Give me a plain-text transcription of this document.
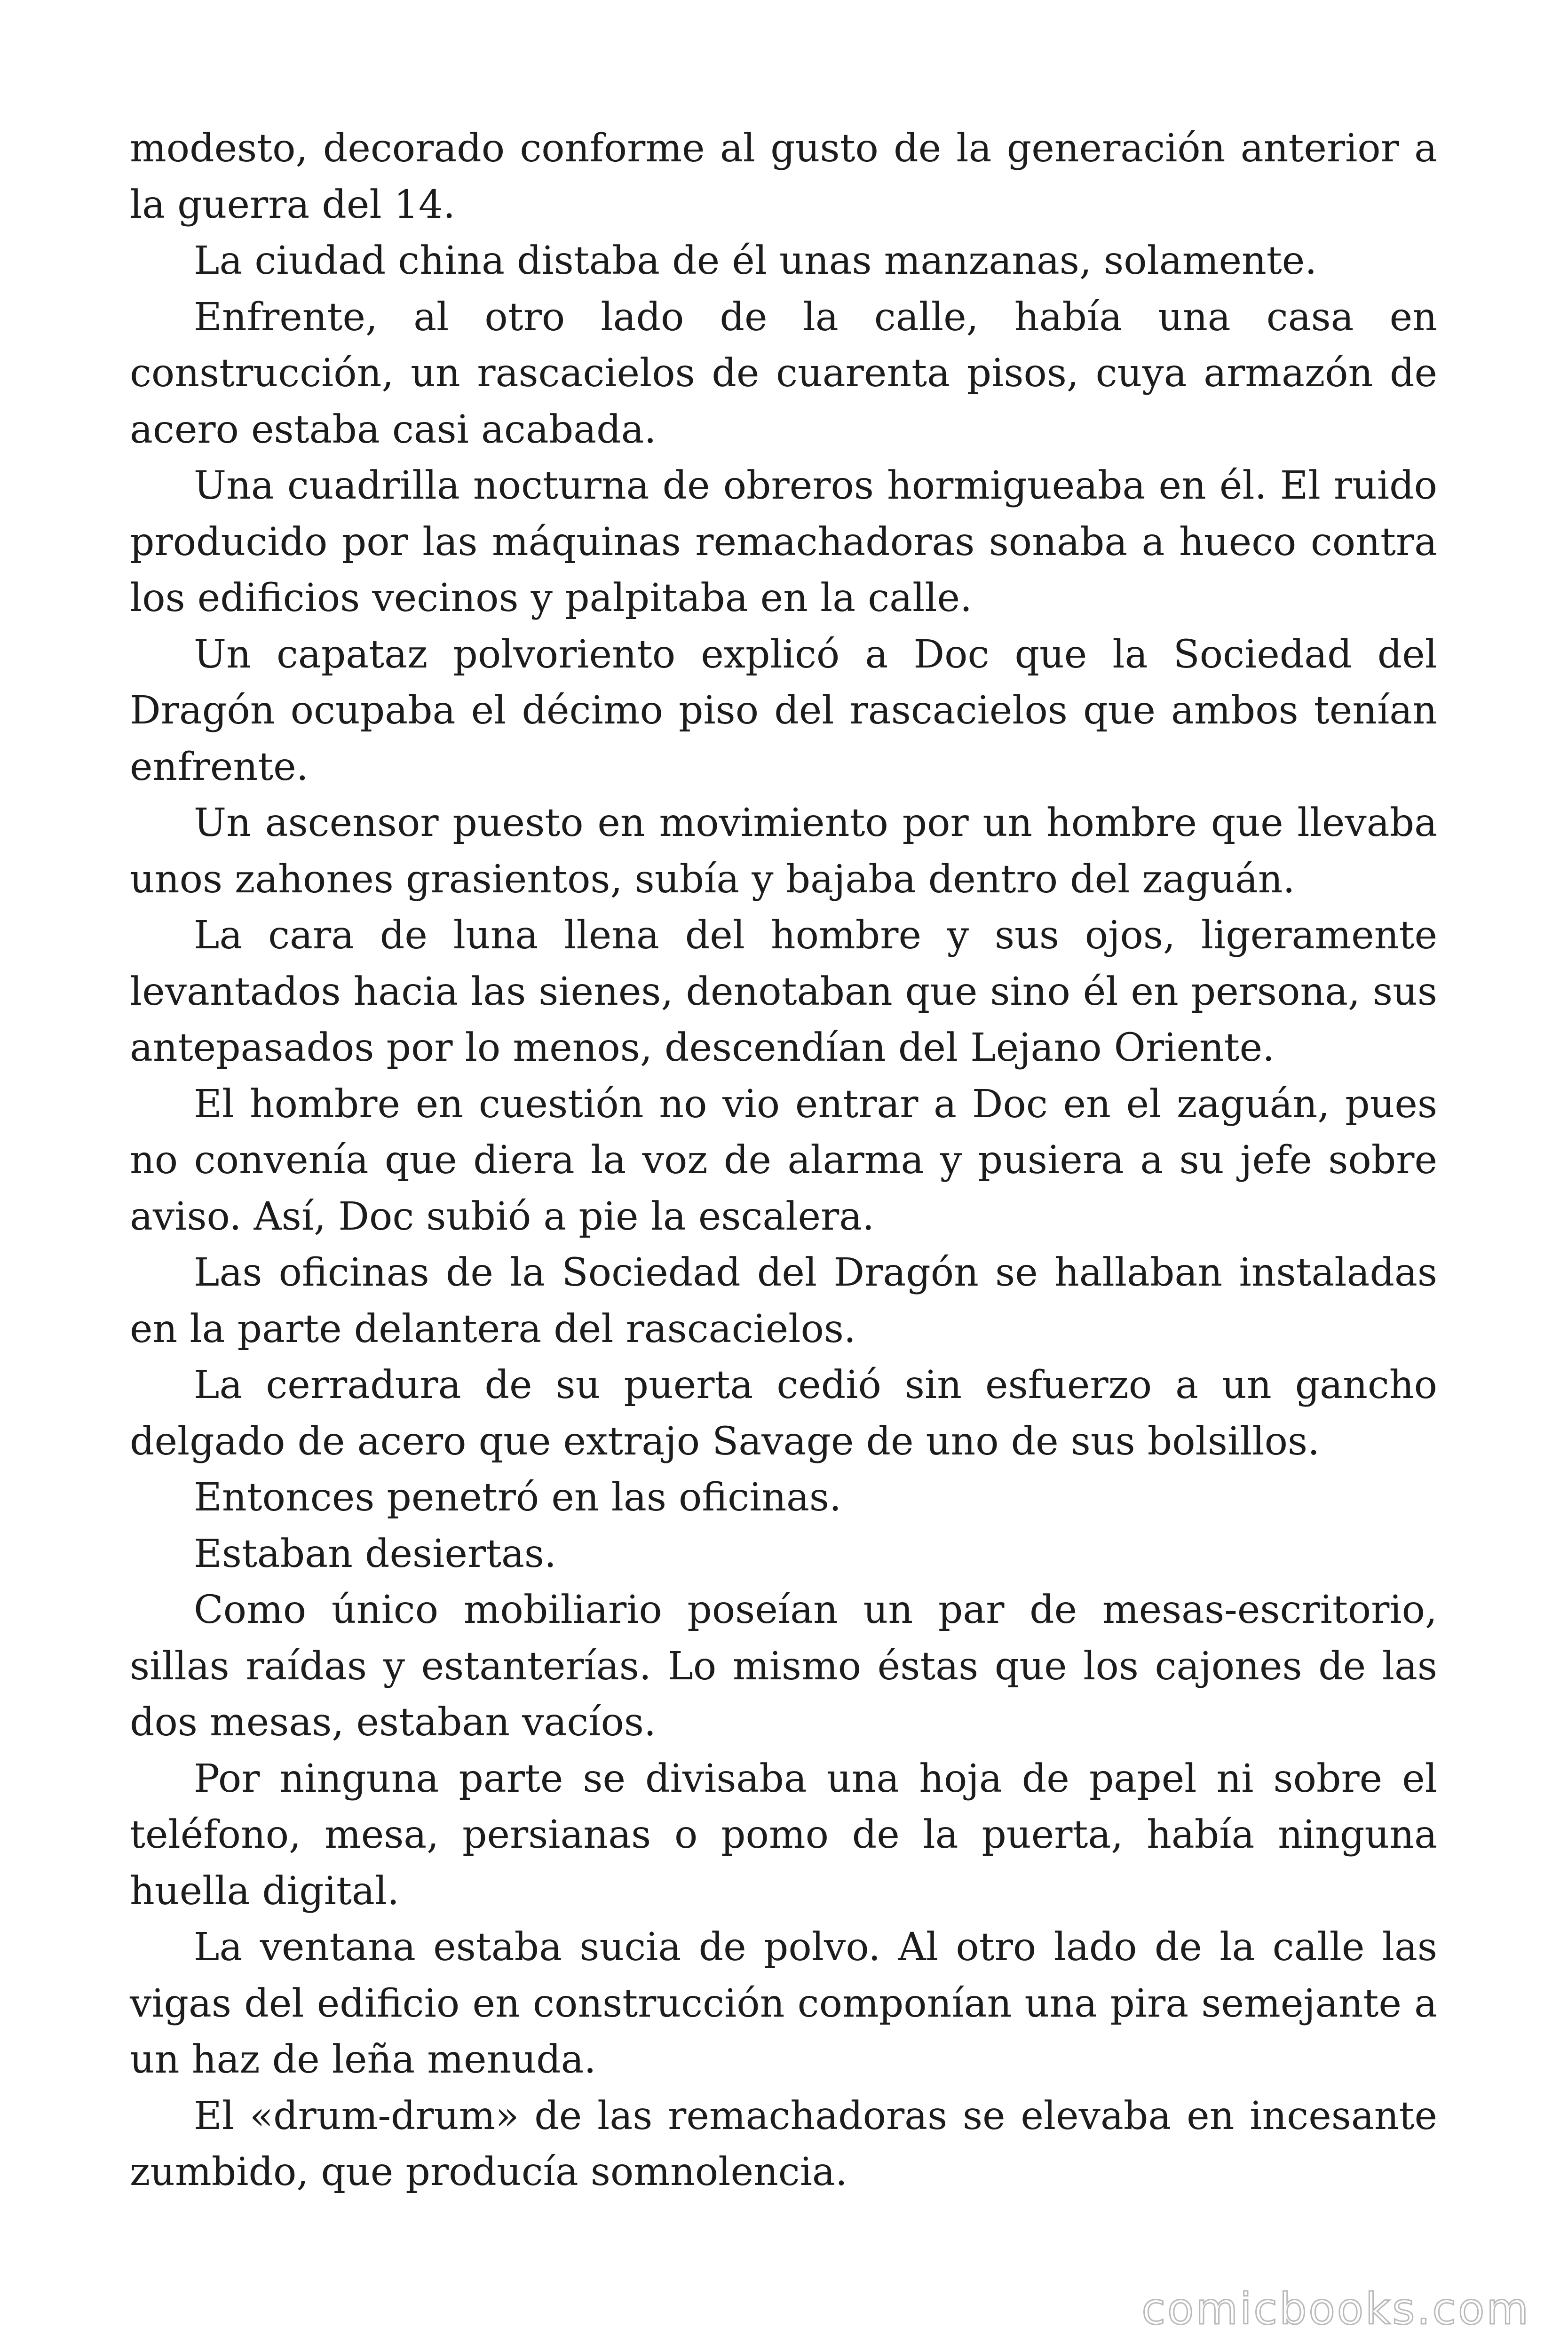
modesto, decorado conforme al gusto de la generación anterior a la guerra del 14.

La ciudad china distaba de él unas manzanas, solamente.

Enfrente, al otro lado de la calle, había una casa en construcción, un rascacielos de cuarenta pisos, cuya armazón de acero estaba casi acabada.

Una cuadrilla nocturna de obreros hormigueaba en él. El ruido producido por las máquinas remachadoras sonaba a hueco contra los edificios vecinos y palpitaba en la calle.

Un capataz polvoriento explicó a Doc que la Sociedad del Dragón ocupaba el décimo piso del rascacielos que ambos tenían enfrente.

Un ascensor puesto en movimiento por un hombre que llevaba unos zahones grasientos, subía y bajaba dentro del zaguán.

La cara de luna llena del hombre y sus ojos, ligeramente levantados hacia las sienes, denotaban que sino él en persona, sus antepasados por lo menos, descendían del Lejano Oriente.

El hombre en cuestión no vio entrar a Doc en el zaguán, pues no convenía que diera la voz de alarma y pusiera a su jefe sobre aviso. Así, Doc subió a pie la escalera.

Las oficinas de la Sociedad del Dragón se hallaban instaladas en la parte delantera del rascacielos.

La cerradura de su puerta cedió sin esfuerzo a un gancho delgado de acero que extrajo Savage de uno de sus bolsillos.

Entonces penetró en las oficinas.

Estaban desiertas.

Como único mobiliario poseían un par de mesas-escritorio, sillas raídas y estanterías. Lo mismo éstas que los cajones de las dos mesas, estaban vacíos.

Por ninguna parte se divisaba una hoja de papel ni sobre el teléfono, mesa, persianas o pomo de la puerta, había ninguna huella digital.

La ventana estaba sucia de polvo. Al otro lado de la calle las vigas del edificio en construcción componían una pira semejante a un haz de leña menuda.

El «drum-drum» de las remachadoras se elevaba en incesante zumbido, que producía somnolencia.

comicbooks.com
